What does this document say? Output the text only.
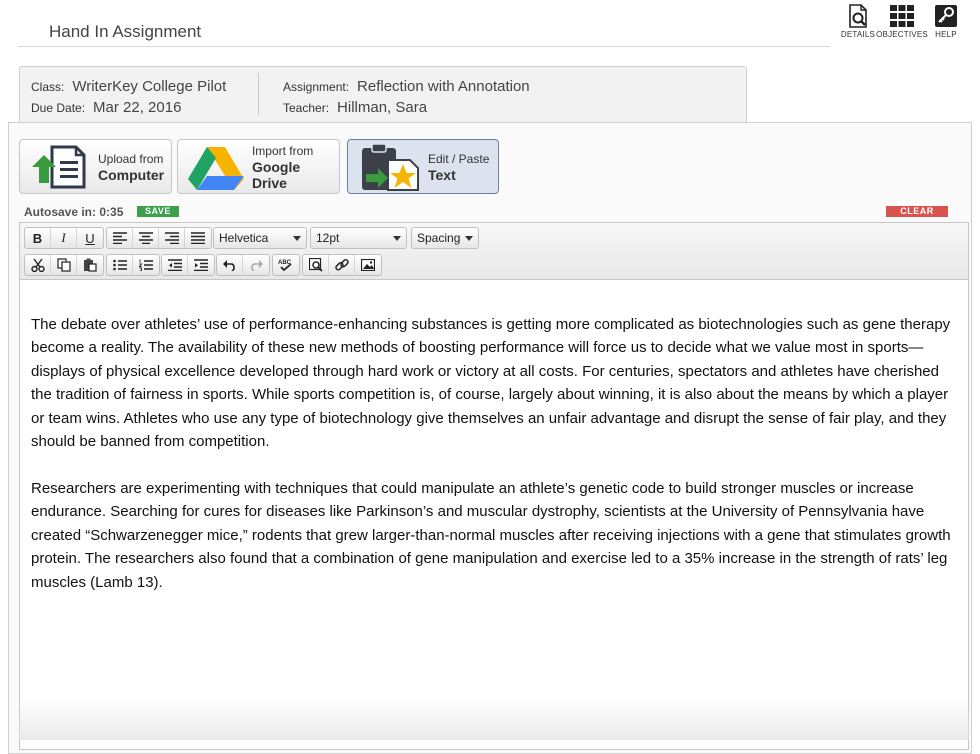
Hand In Assignment	DETAILS OBJECTIVES HELP
Class: WriterKey College Pilot
Due Date: Mar 22, 2016
Assignment: Reflection with Annotation
Teacher: Hillman, Sara
Upload from
Computer
Import from
Google Drive
Edit / Paste
Text
Autosave in: 0:35	SAVE	CLEAR
B	I	U	Helvetica	12pt	Spacing
ABC

The debate over athletes’ use of performance-enhancing substances is getting more complicated as biotechnologies such as gene therapy become a reality. The availability of these new methods of boosting performance will force us to decide what we value most in sports—displays of physical excellence developed through hard work or victory at all costs. For centuries, spectators and athletes have cherished the tradition of fairness in sports. While sports competition is, of course, largely about winning, it is also about the means by which a player or team wins. Athletes who use any type of biotechnology give themselves an unfair advantage and disrupt the sense of fair play, and they should be banned from competition.

Researchers are experimenting with techniques that could manipulate an athlete’s genetic code to build stronger muscles or increase endurance. Searching for cures for diseases like Parkinson’s and muscular dystrophy, scientists at the University of Pennsylvania have created “Schwarzenegger mice,” rodents that grew larger-than-normal muscles after receiving injections with a gene that stimulates growth protein. The researchers also found that a combination of gene manipulation and exercise led to a 35% increase in the strength of rats’ leg muscles (Lamb 13).
